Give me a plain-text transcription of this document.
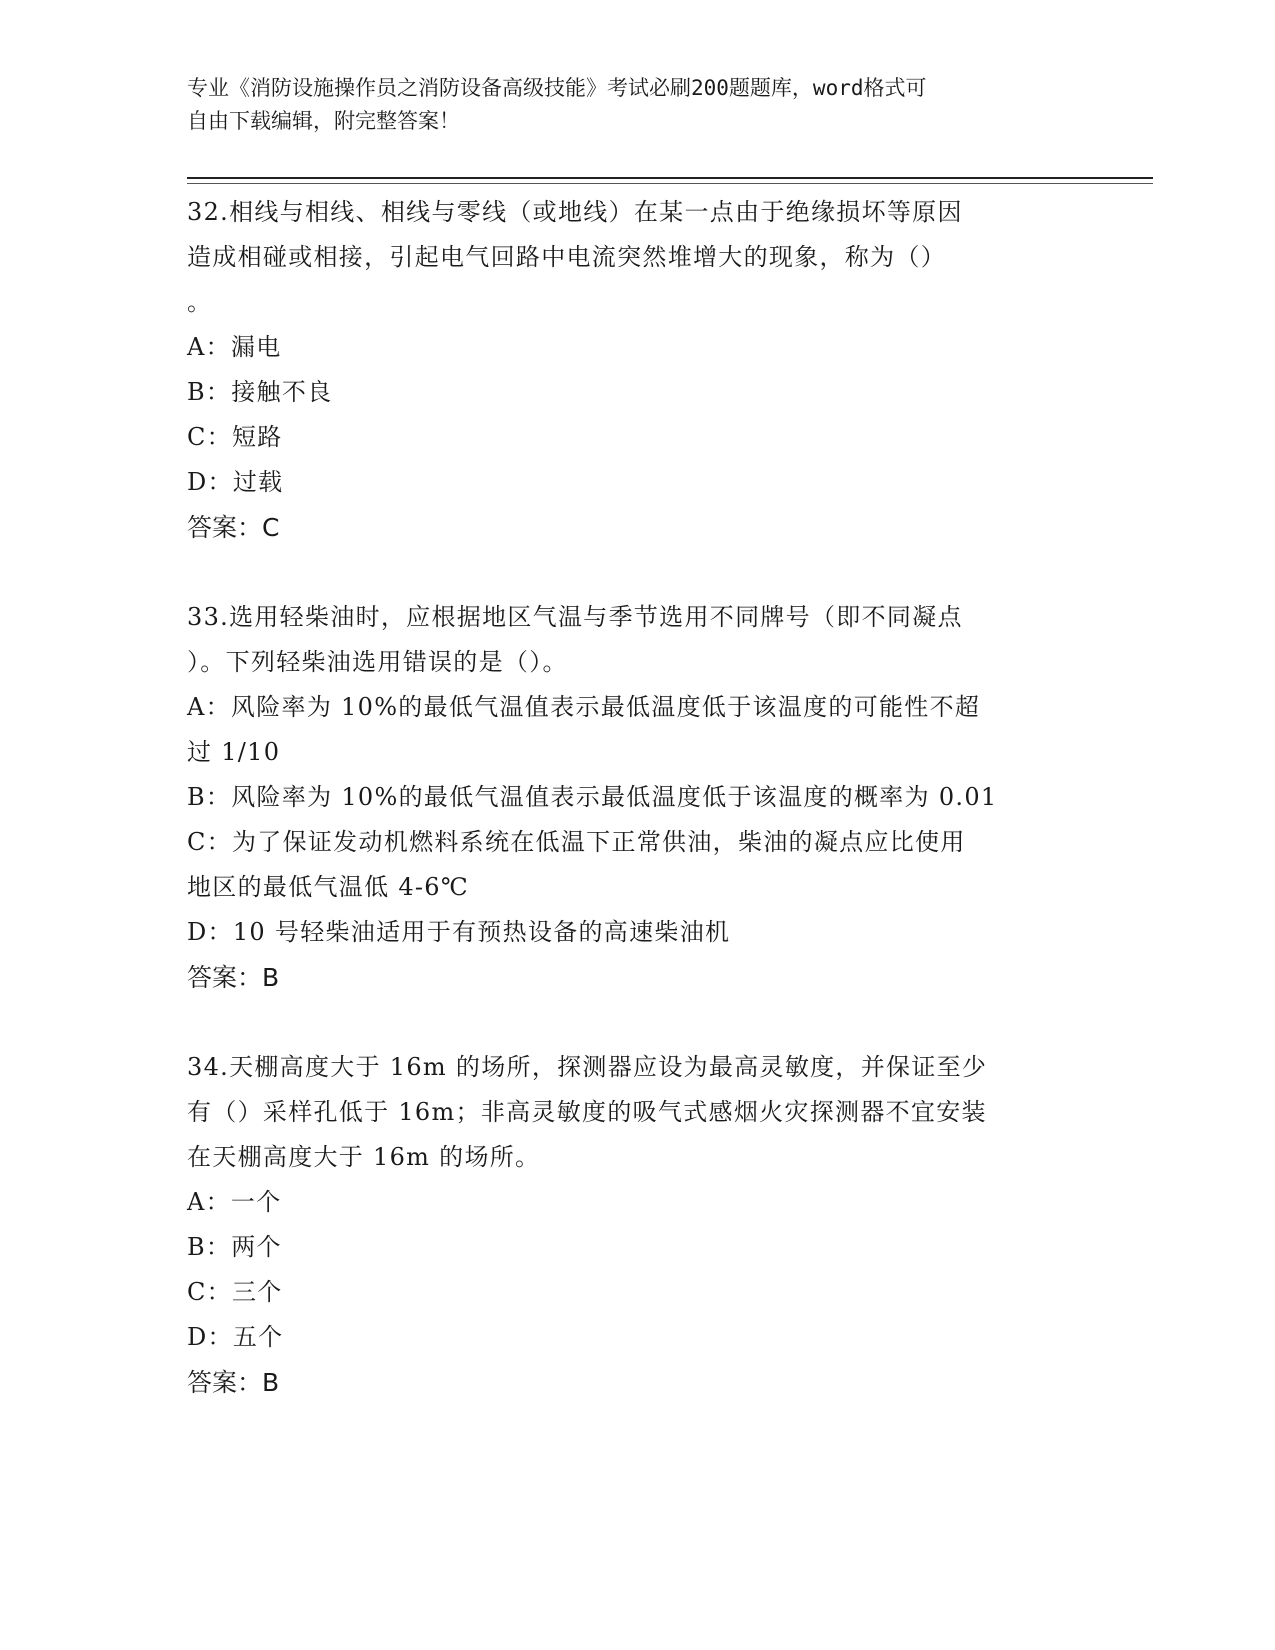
专业《消防设施操作员之消防设备高级技能》考试必刷200题题库，word格式可
自由下载编辑，附完整答案！
32.相线与相线、相线与零线（或地线）在某一点由于绝缘损坏等原因
造成相碰或相接，引起电气回路中电流突然堆增大的现象，称为（）
。
A：漏电
B：接触不良
C：短路
D：过载
答案：C
33.选用轻柴油时，应根据地区气温与季节选用不同牌号（即不同凝点
）。下列轻柴油选用错误的是（）。
A：风险率为 10%的最低气温值表示最低温度低于该温度的可能性不超
过 1/10
B：风险率为 10%的最低气温值表示最低温度低于该温度的概率为 0.01
C：为了保证发动机燃料系统在低温下正常供油，柴油的凝点应比使用
地区的最低气温低 4-6℃
D：10 号轻柴油适用于有预热设备的高速柴油机
答案：B
34.天棚高度大于 16m 的场所，探测器应设为最高灵敏度，并保证至少
有（）采样孔低于 16m；非高灵敏度的吸气式感烟火灾探测器不宜安装
在天棚高度大于 16m 的场所。
A：一个
B：两个
C：三个
D：五个
答案：B
